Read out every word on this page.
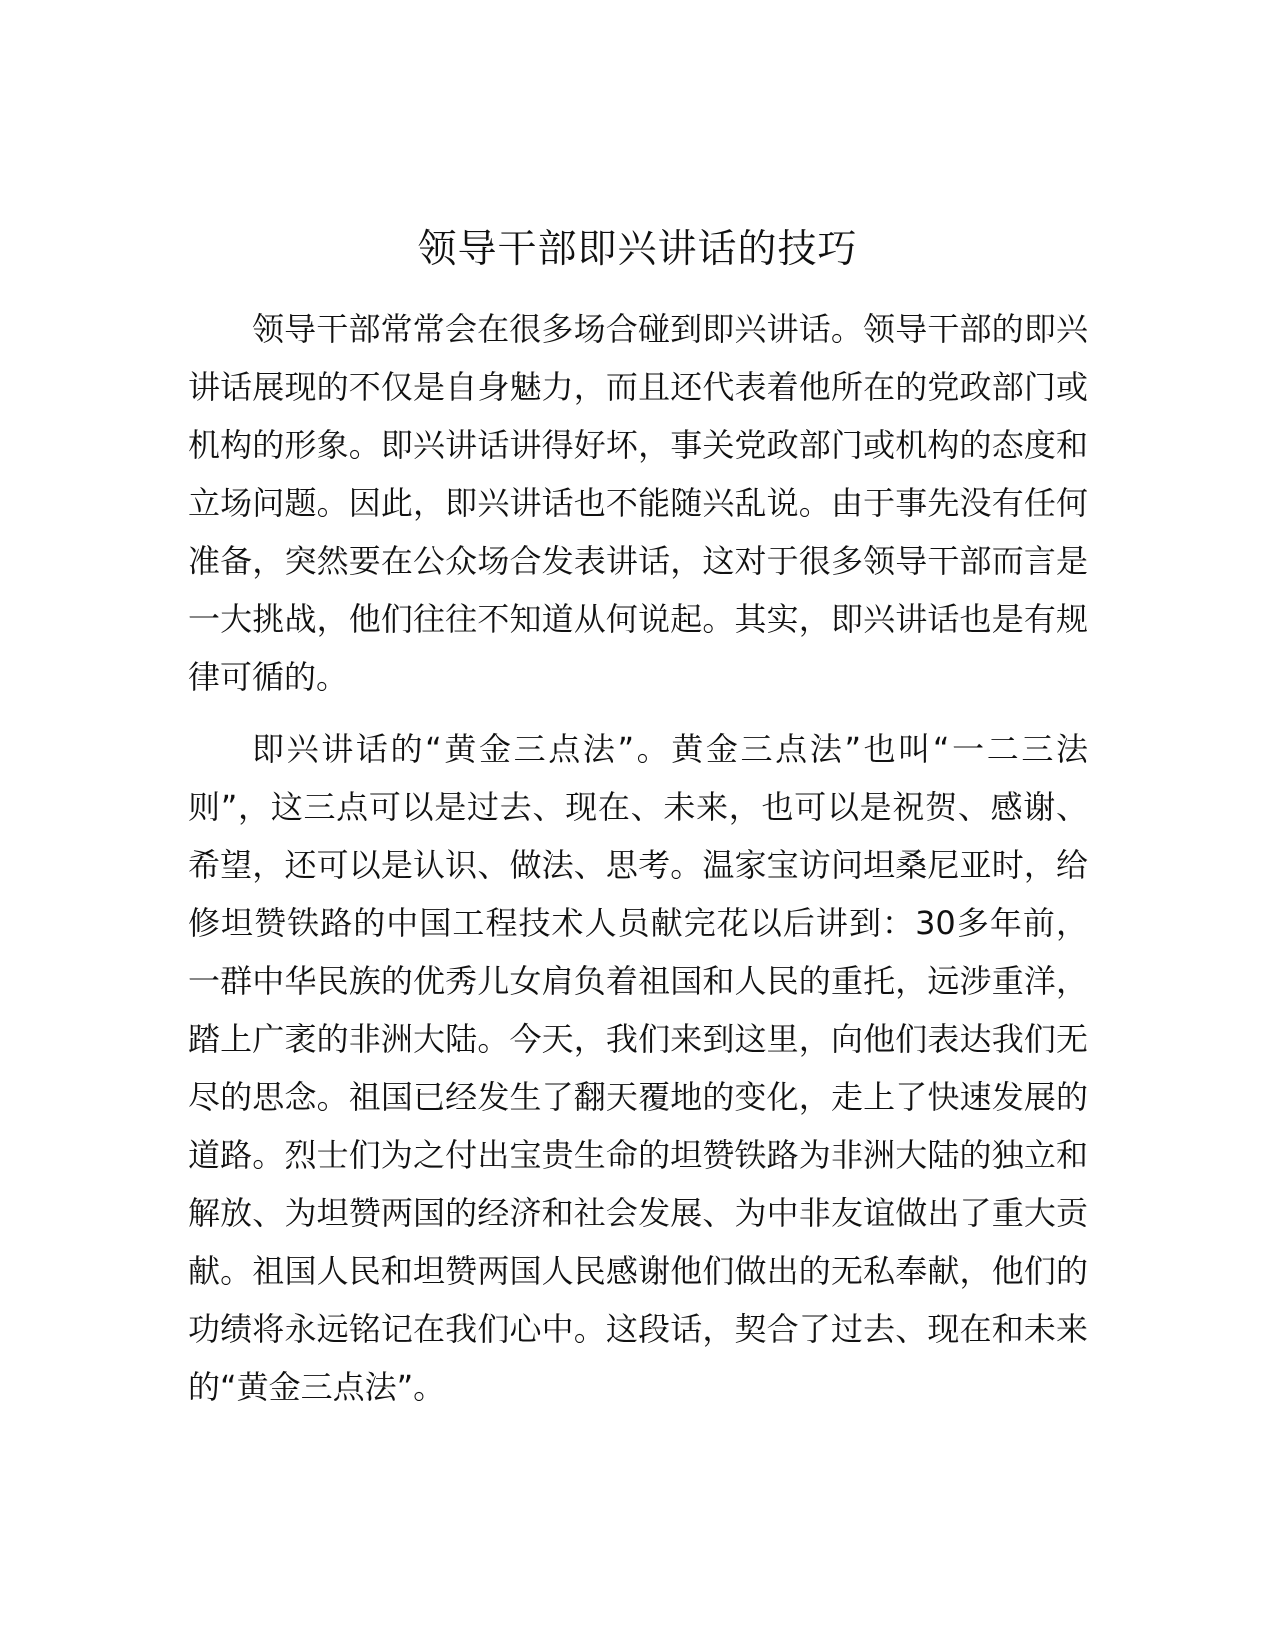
领导干部即兴讲话的技巧

领导干部常常会在很多场合碰到即兴讲话。领导干部的即兴讲话展现的不仅是自身魅力，而且还代表着他所在的党政部门或机构的形象。即兴讲话讲得好坏，事关党政部门或机构的态度和立场问题。因此，即兴讲话也不能随兴乱说。由于事先没有任何准备，突然要在公众场合发表讲话，这对于很多领导干部而言是一大挑战，他们往往不知道从何说起。其实，即兴讲话也是有规律可循的。

即兴讲话的“黄金三点法”。黄金三点法”也叫“一二三法则”，这三点可以是过去、现在、未来，也可以是祝贺、感谢、希望，还可以是认识、做法、思考。温家宝访问坦桑尼亚时，给修坦赞铁路的中国工程技术人员献完花以后讲到：30多年前，一群中华民族的优秀儿女肩负着祖国和人民的重托，远涉重洋，踏上广袤的非洲大陆。今天，我们来到这里，向他们表达我们无尽的思念。祖国已经发生了翻天覆地的变化，走上了快速发展的道路。烈士们为之付出宝贵生命的坦赞铁路为非洲大陆的独立和解放、为坦赞两国的经济和社会发展、为中非友谊做出了重大贡献。祖国人民和坦赞两国人民感谢他们做出的无私奉献，他们的功绩将永远铭记在我们心中。这段话，契合了过去、现在和未来的“黄金三点法”。
